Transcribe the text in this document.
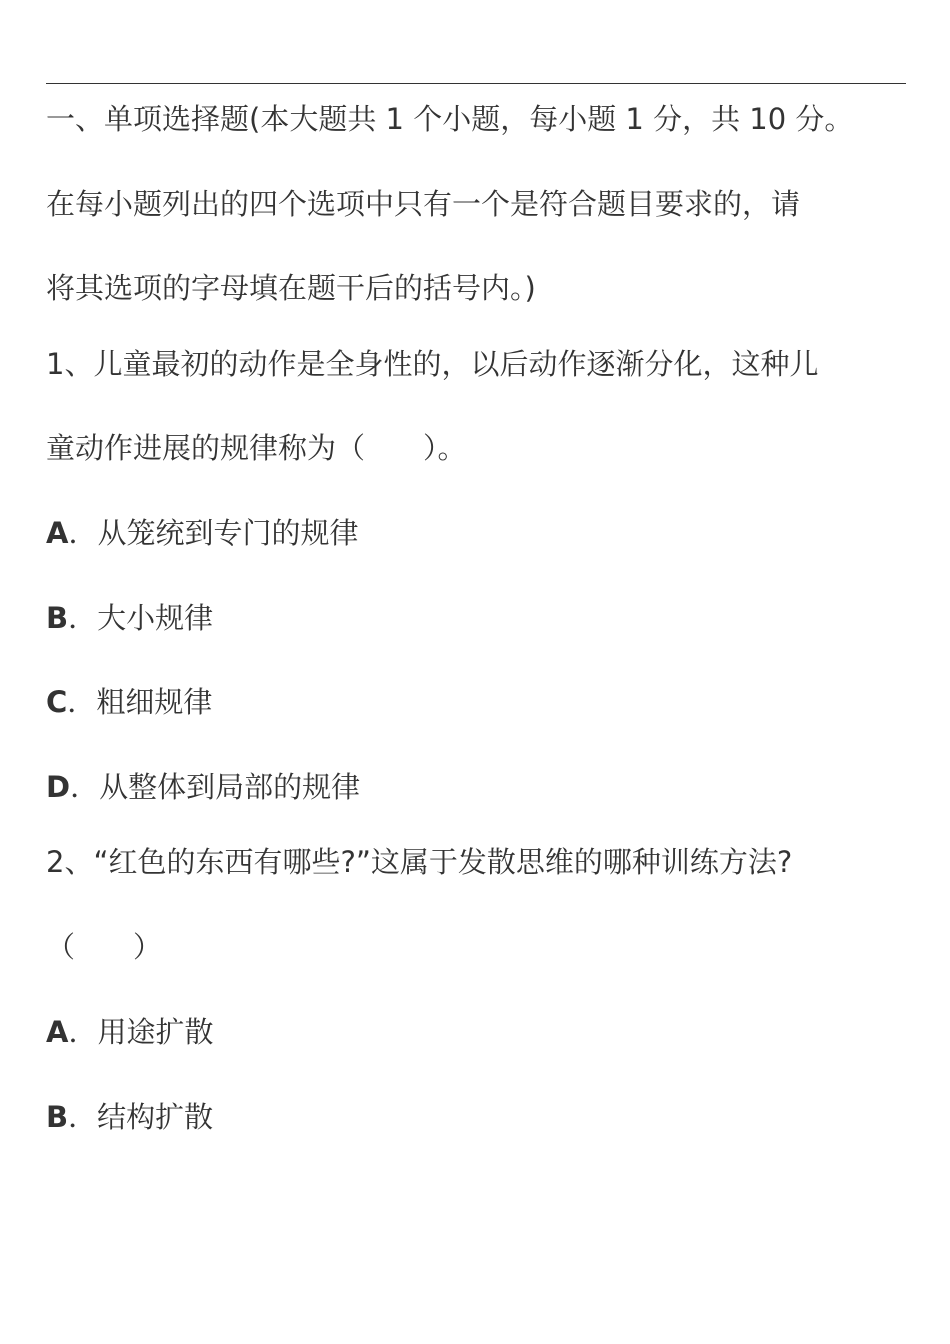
一、单项选择题(本大题共 1 个小题，每小题 1 分，共 10 分。
在每小题列出的四个选项中只有一个是符合题目要求的，请
将其选项的字母填在题干后的括号内。)
1、儿童最初的动作是全身性的，以后动作逐渐分化，这种儿
童动作进展的规律称为（　　）。
A．从笼统到专门的规律
B．大小规律
C．粗细规律
D．从整体到局部的规律
2、“红色的东西有哪些?”这属于发散思维的哪种训练方法?
（　　）
A．用途扩散
B．结构扩散
